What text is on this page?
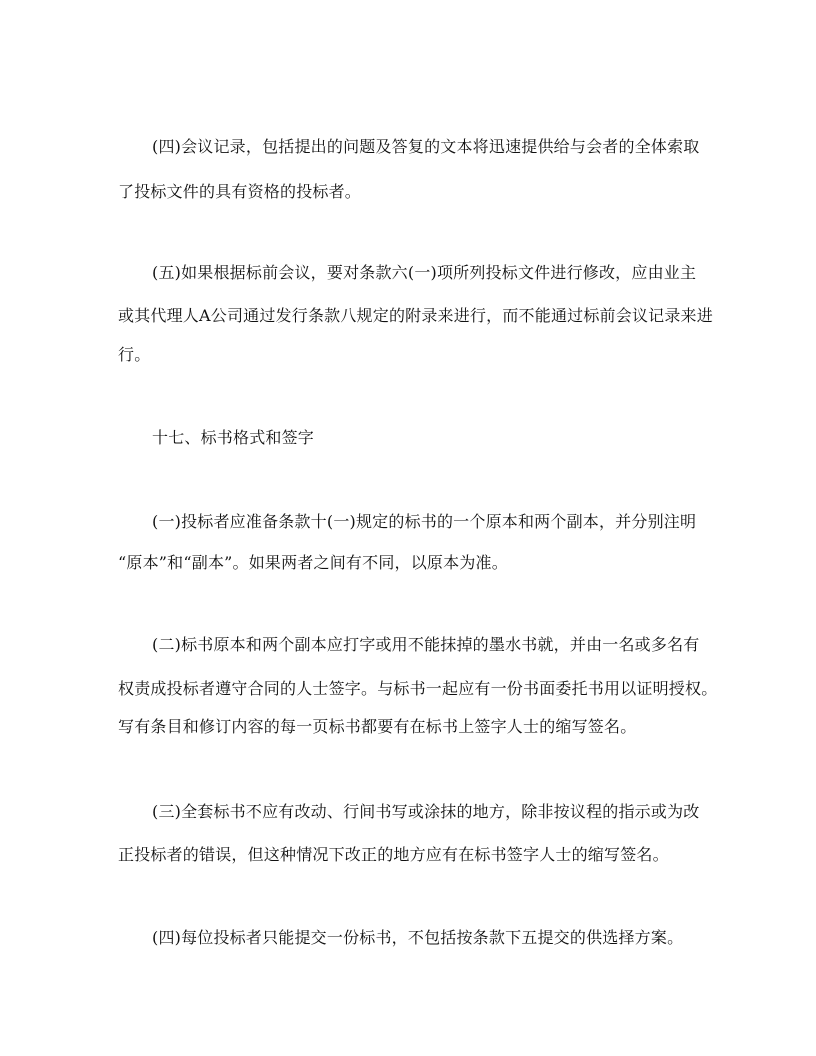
(四)会议记录，包括提出的问题及答复的文本将迅速提供给与会者的全体索取
了投标文件的具有资格的投标者。
(五)如果根据标前会议，要对条款六(一)项所列投标文件进行修改，应由业主
或其代理人A公司通过发行条款八规定的附录来进行，而不能通过标前会议记录来进
行。
十七、标书格式和签字
(一)投标者应准备条款十(一)规定的标书的一个原本和两个副本，并分别注明
“原本”和“副本”。如果两者之间有不同，以原本为准。
(二)标书原本和两个副本应打字或用不能抹掉的墨水书就，并由一名或多名有
权责成投标者遵守合同的人士签字。与标书一起应有一份书面委托书用以证明授权。
写有条目和修订内容的每一页标书都要有在标书上签字人士的缩写签名。
(三)全套标书不应有改动、行间书写或涂抹的地方，除非按议程的指示或为改
正投标者的错误，但这种情况下改正的地方应有在标书签字人士的缩写签名。
(四)每位投标者只能提交一份标书，不包括按条款下五提交的供选择方案。
